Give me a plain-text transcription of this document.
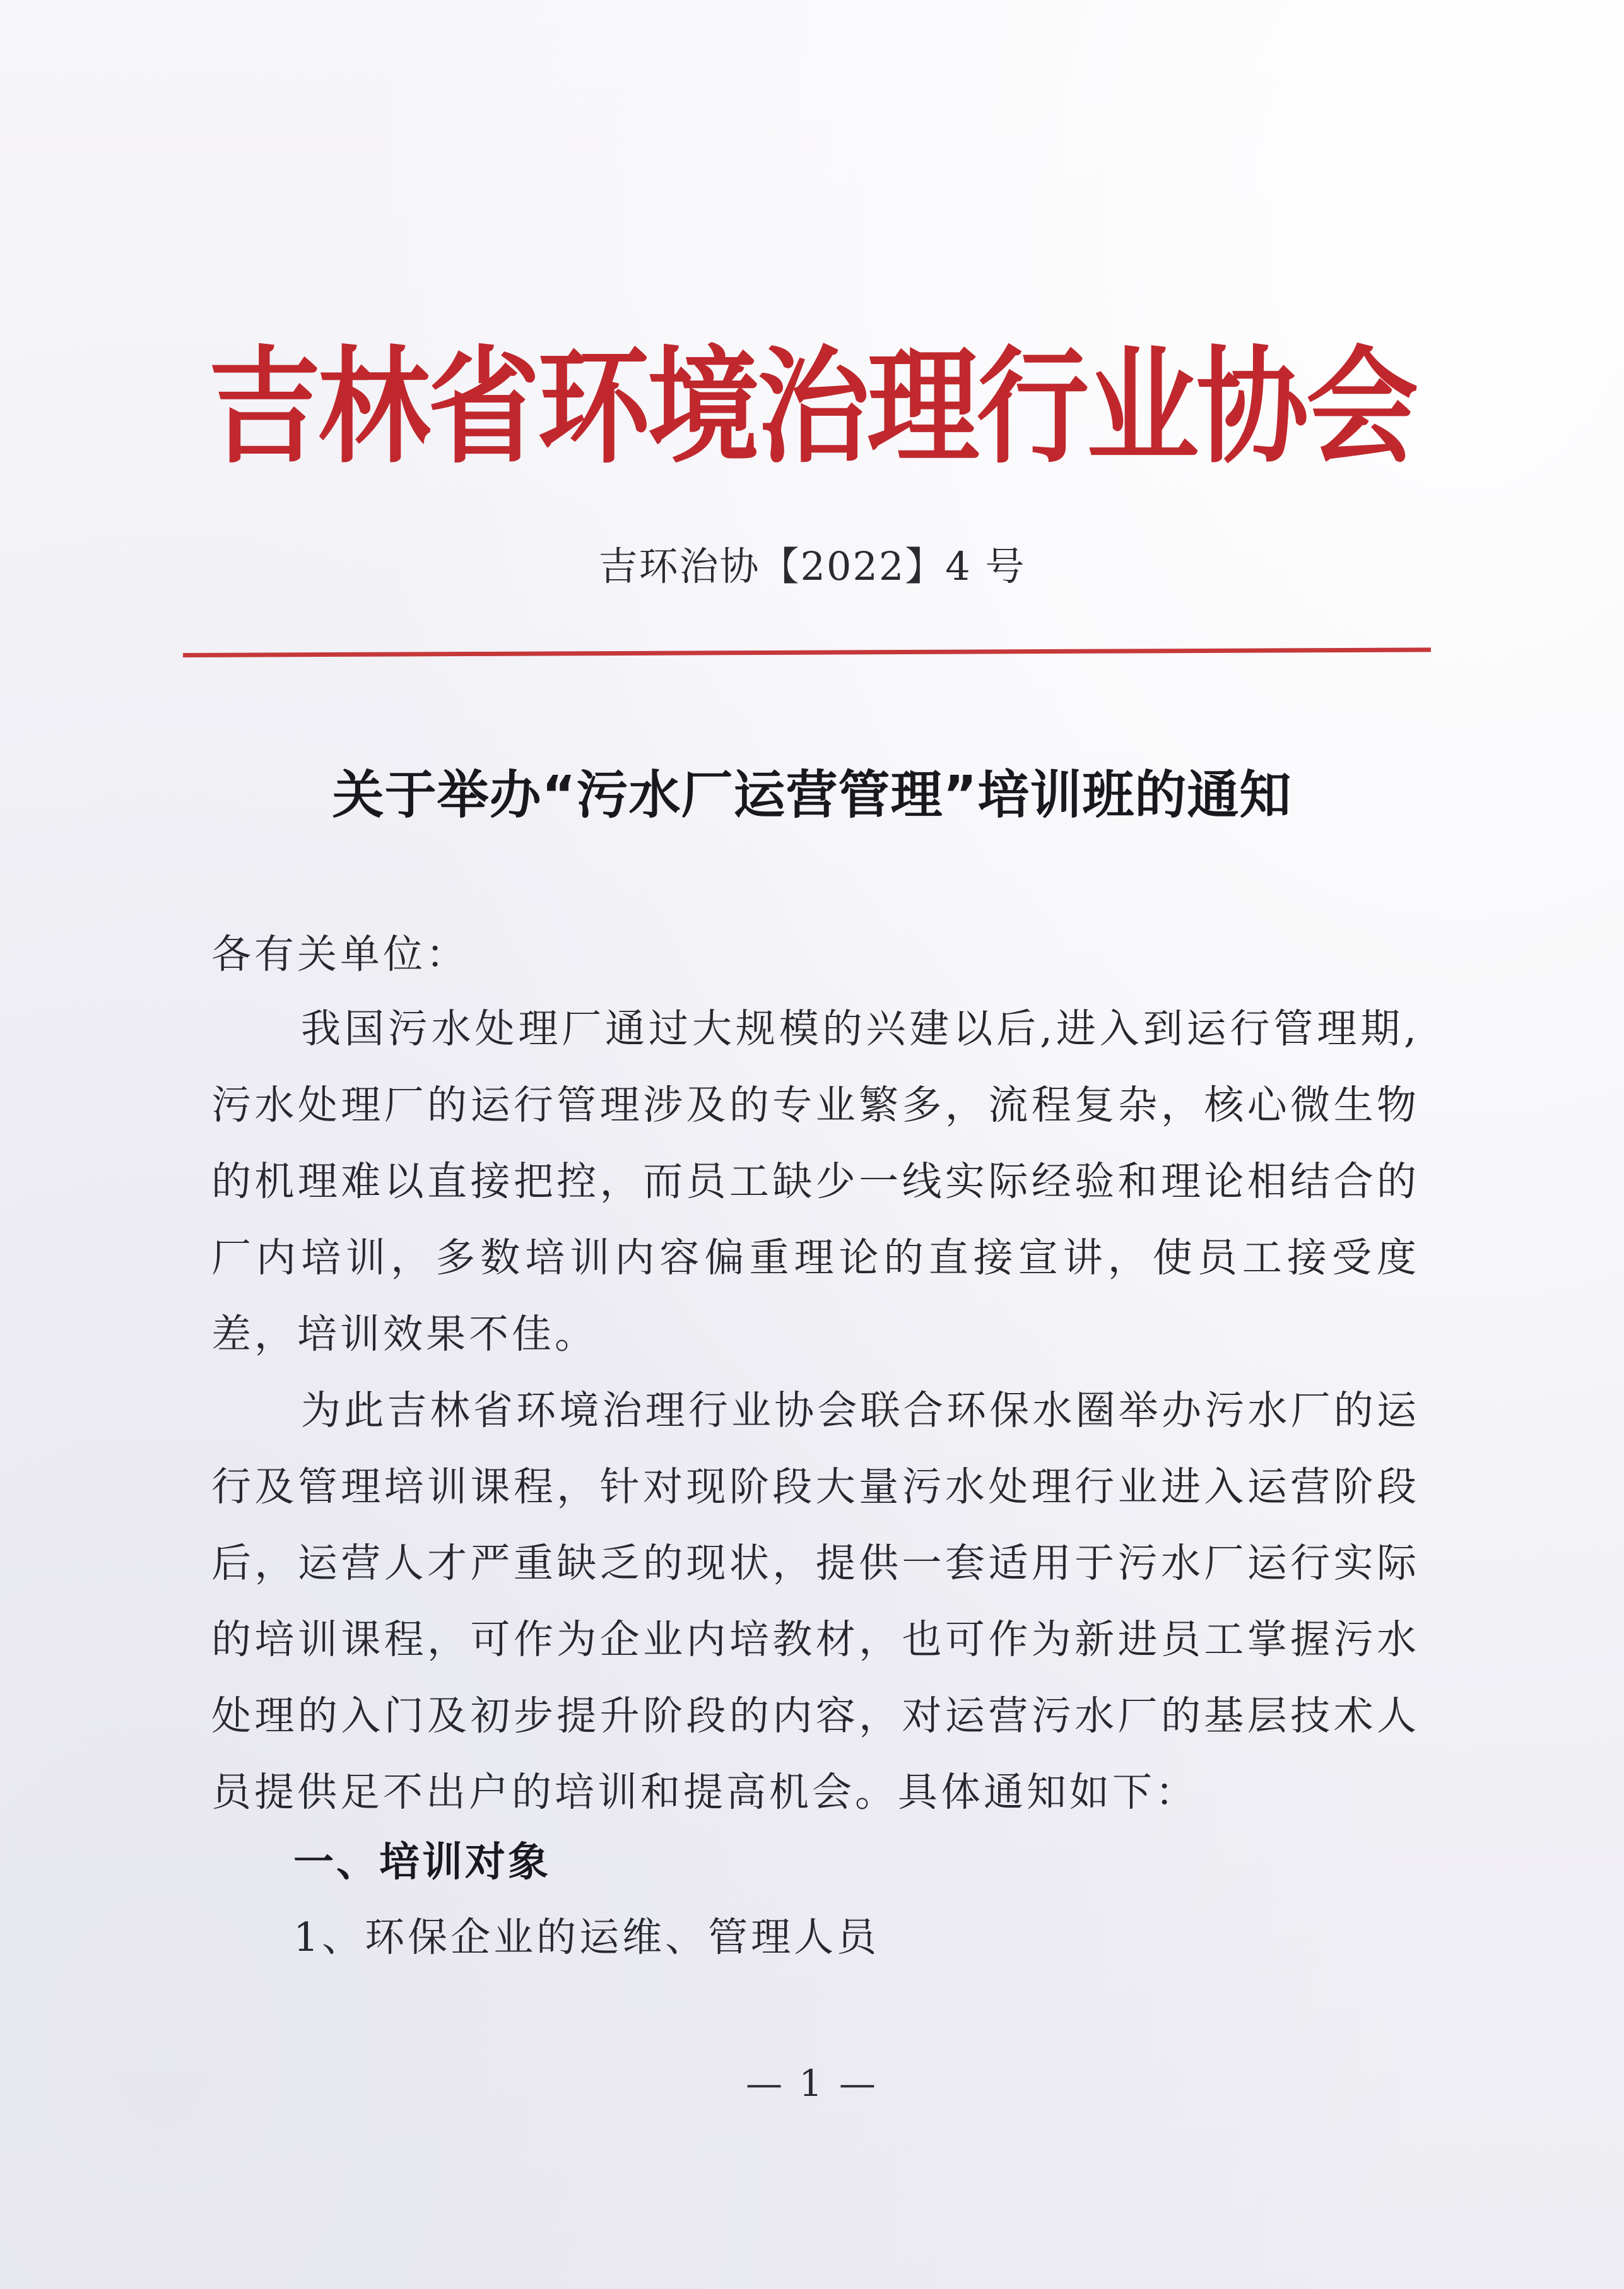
吉林省环境治理行业协会
吉环治协【2022】4 号
关于举办“污水厂运营管理”培训班的通知
各有关单位：
我国污水处理厂通过大规模的兴建以后,进入到运行管理期,污水处理厂的运行管理涉及的专业繁多，流程复杂，核心微生物的机理难以直接把控，而员工缺少一线实际经验和理论相结合的厂内培训，多数培训内容偏重理论的直接宣讲，使员工接受度差，培训效果不佳。
为此吉林省环境治理行业协会联合环保水圈举办污水厂的运行及管理培训课程，针对现阶段大量污水处理行业进入运营阶段后，运营人才严重缺乏的现状，提供一套适用于污水厂运行实际的培训课程，可作为企业内培教材，也可作为新进员工掌握污水处理的入门及初步提升阶段的内容，对运营污水厂的基层技术人员提供足不出户的培训和提高机会。具体通知如下：
一、培训对象
1、环保企业的运维、管理人员
— 1 —
